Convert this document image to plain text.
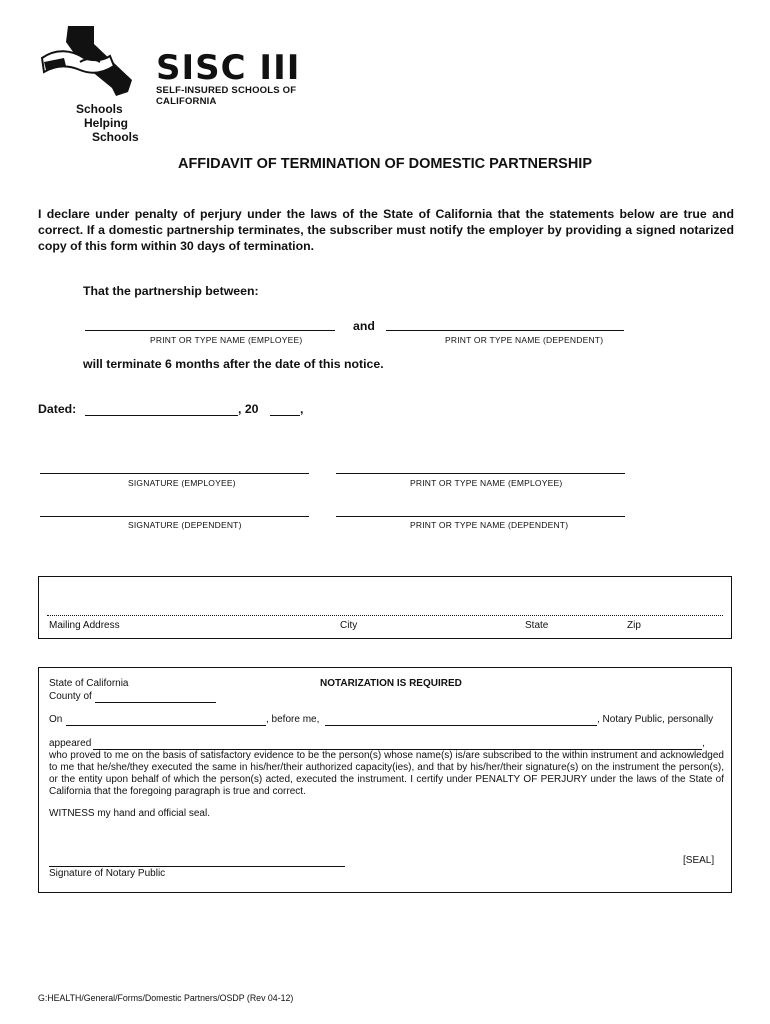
SISC III
SELF-INSURED SCHOOLS OF CALIFORNIA
Schools
Helping
Schools
AFFIDAVIT OF TERMINATION OF DOMESTIC PARTNERSHIP
I declare under penalty of perjury under the laws of the State of California that the statements below are true and correct. If a domestic partnership terminates, the subscriber must notify the employer by providing a signed notarized copy of this form within 30 days of termination.
That the partnership between:
and
PRINT OR TYPE NAME (EMPLOYEE)	PRINT OR TYPE NAME (DEPENDENT)
will terminate 6 months after the date of this notice.
Dated:	, 20	,
SIGNATURE (EMPLOYEE)	PRINT OR TYPE NAME (EMPLOYEE)
SIGNATURE (DEPENDENT)	PRINT OR TYPE NAME (DEPENDENT)
Mailing Address	City	State	Zip
State of California	NOTARIZATION IS REQUIRED
County of
On	, before me,	, Notary Public, personally
appeared	,
who proved to me on the basis of satisfactory evidence to be the person(s) whose name(s) is/are subscribed to the within instrument and acknowledged to me that he/she/they executed the same in his/her/their authorized capacity(ies), and that by his/her/their signature(s) on the instrument the person(s), or the entity upon behalf of which the person(s) acted, executed the instrument. I certify under PENALTY OF PERJURY under the laws of the State of California that the foregoing paragraph is true and correct.
WITNESS my hand and official seal.
[SEAL]
Signature of Notary Public
G:HEALTH/General/Forms/Domestic Partners/OSDP (Rev 04-12)
